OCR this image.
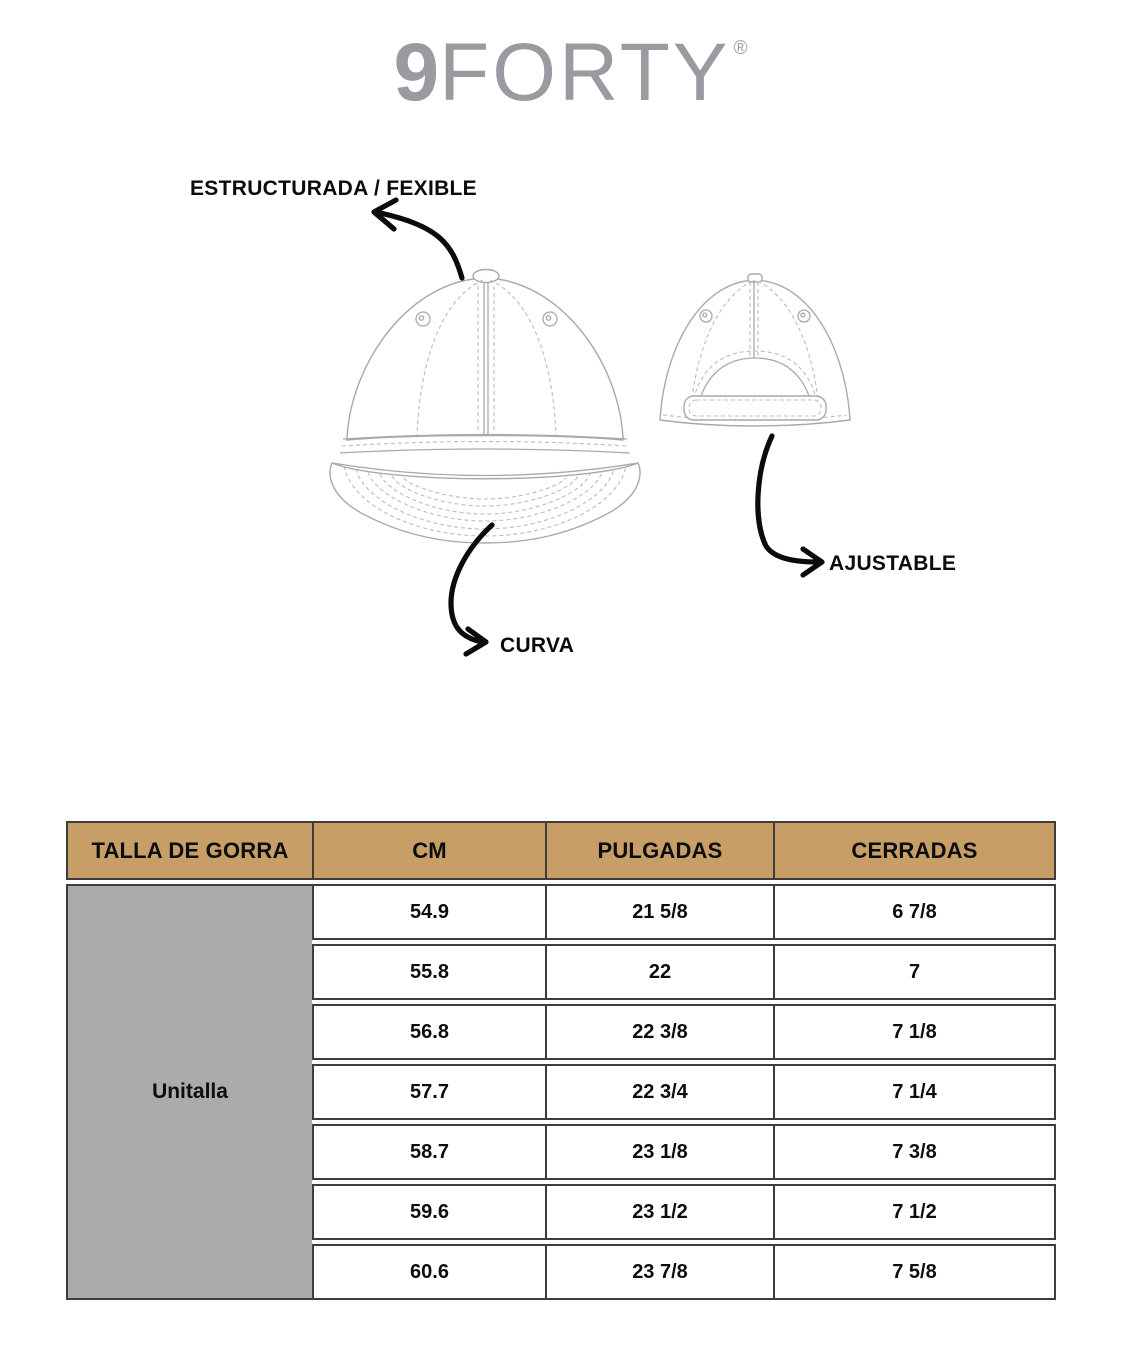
9FORTY ®
ESTRUCTURADA / FEXIBLE
AJUSTABLE
CURVA
TALLA DE GORRA	CM	PULGADAS	CERRADAS
Unitalla	54.9	21 5/8	6 7/8
	55.8	22	7
	56.8	22 3/8	7 1/8
	57.7	22 3/4	7 1/4
	58.7	23 1/8	7 3/8
	59.6	23 1/2	7 1/2
	60.6	23 7/8	7 5/8
